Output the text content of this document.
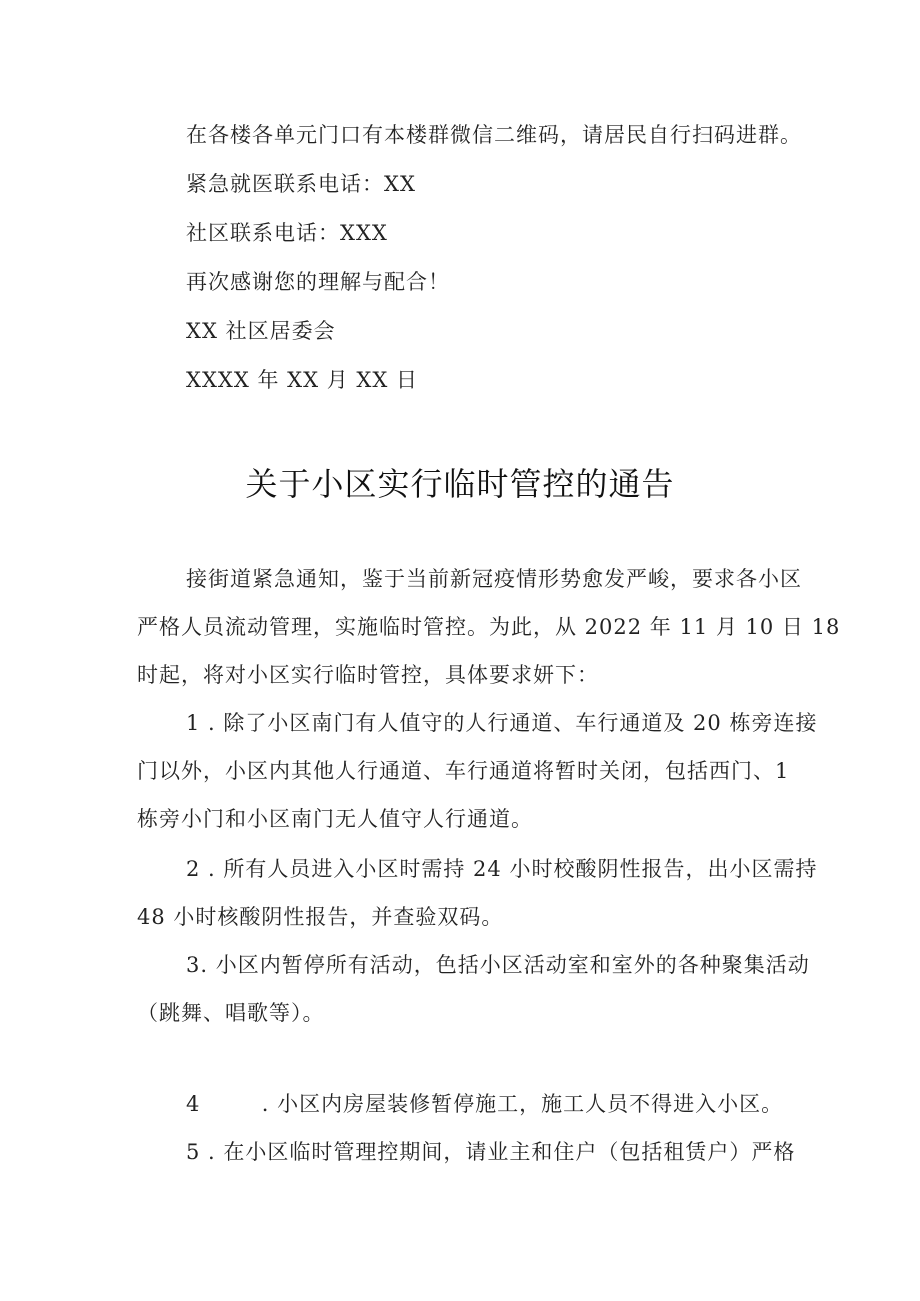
在各楼各单元门口有本楼群微信二维码，请居民自行扫码进群。

紧急就医联系电话：XX

社区联系电话：XXX

再次感谢您的理解与配合！

XX 社区居委会

XXXX 年 XX 月 XX 日

关于小区实行临时管控的通告

接街道紧急通知，鉴于当前新冠疫情形势愈发严峻，要求各小区

严格人员流动管理，实施临时管控。为此，从 2022 年 11 月 10 日 18

时起，将对小区实行临时管控，具体要求妍下：

1 . 除了小区南门有人值守的人行通道、车行通道及 20 栋旁连接

门以外，小区内其他人行通道、车行通道将暂时关闭，包括西门、1

栋旁小门和小区南门无人值守人行通道。

2 . 所有人员进入小区时需持 24 小时校酸阴性报告，出小区需持

48 小时核酸阴性报告，并查验双码。

3. 小区内暂停所有活动，色括小区活动室和室外的各种聚集活动

（跳舞、唱歌等）。

4        . 小区内房屋装修暂停施工，施工人员不得进入小区。

5 . 在小区临时管理控期间，请业主和住户（包括租赁户）严格
